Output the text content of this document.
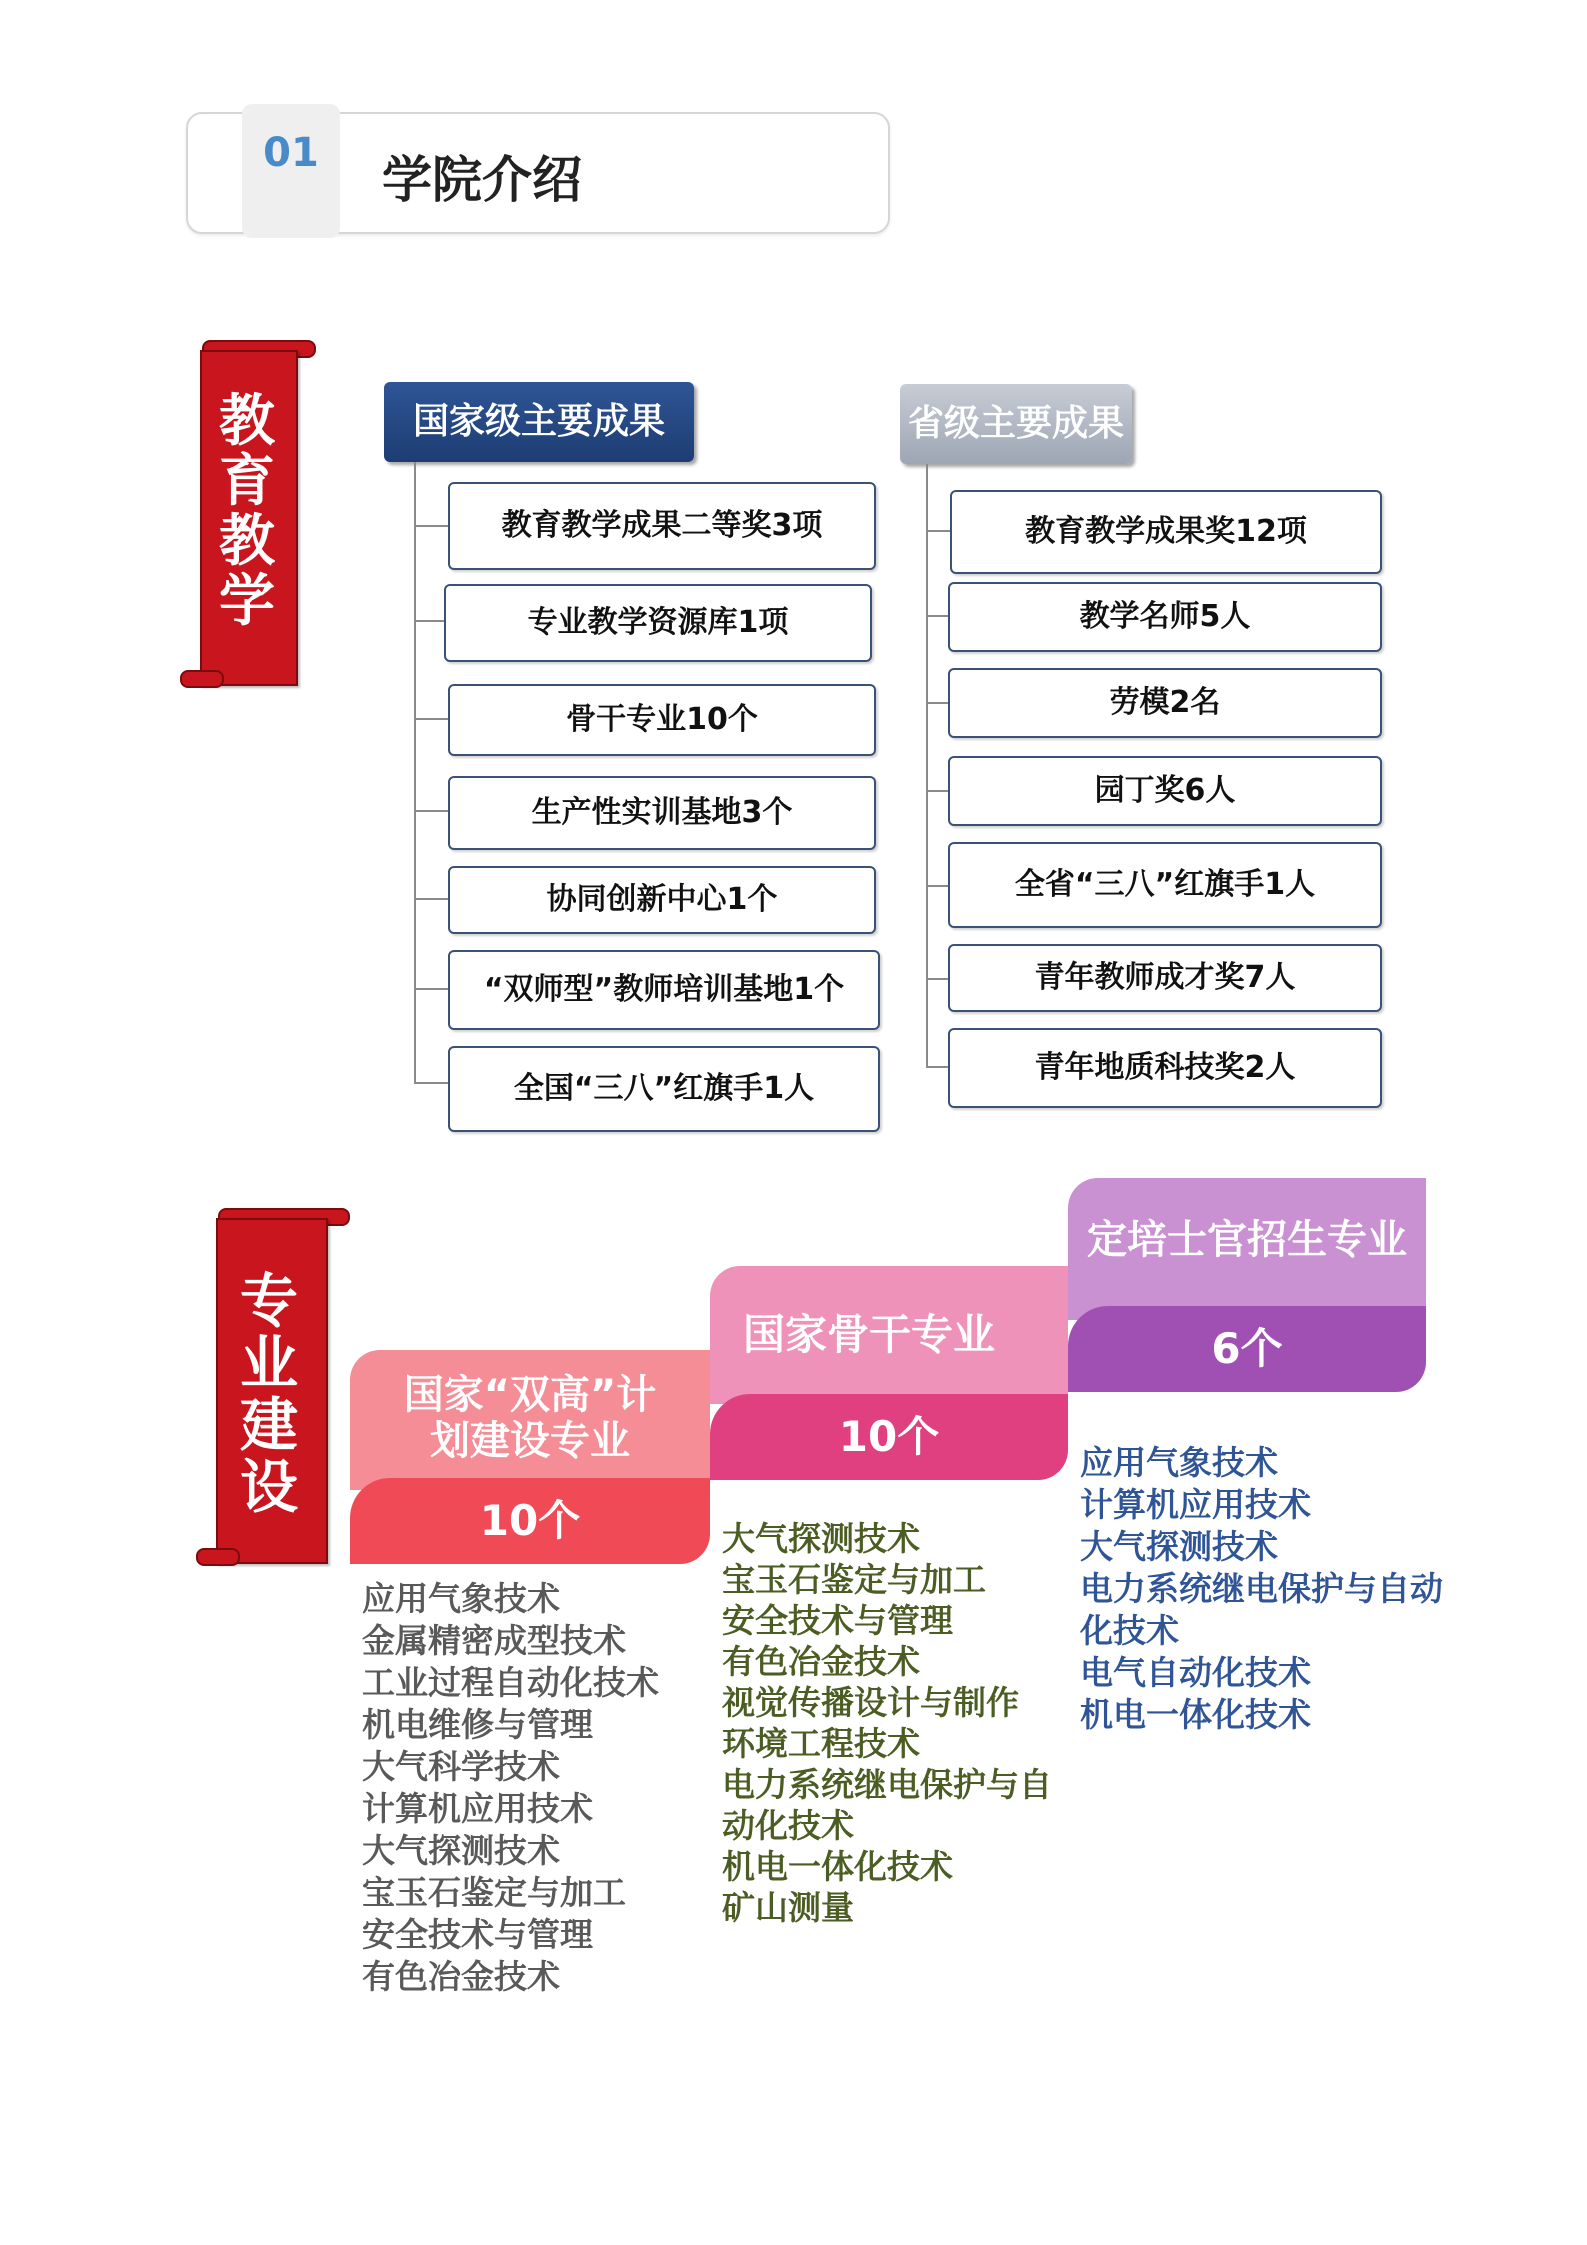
01	学院介绍
教育教学
国家级主要成果	省级主要成果
教育教学成果二等奖3项
专业教学资源库1项
骨干专业10个
生产性实训基地3个
协同创新中心1个
“双师型”教师培训基地1个
全国“三八”红旗手1人
教育教学成果奖12项
教学名师5人
劳模2名
园丁奖6人
全省“三八”红旗手1人
青年教师成才奖7人
青年地质科技奖2人
专业建设
国家“双高”计
划建设专业
10个
应用气象技术
金属精密成型技术
工业过程自动化技术
机电维修与管理
大气科学技术
计算机应用技术
大气探测技术
宝玉石鉴定与加工
安全技术与管理
有色冶金技术
国家骨干专业
10个
大气探测技术
宝玉石鉴定与加工
安全技术与管理
有色冶金技术
视觉传播设计与制作
环境工程技术
电力系统继电保护与自
动化技术
机电一体化技术
矿山测量
定培士官招生专业
6个
应用气象技术
计算机应用技术
大气探测技术
电力系统继电保护与自动
化技术
电气自动化技术
机电一体化技术
